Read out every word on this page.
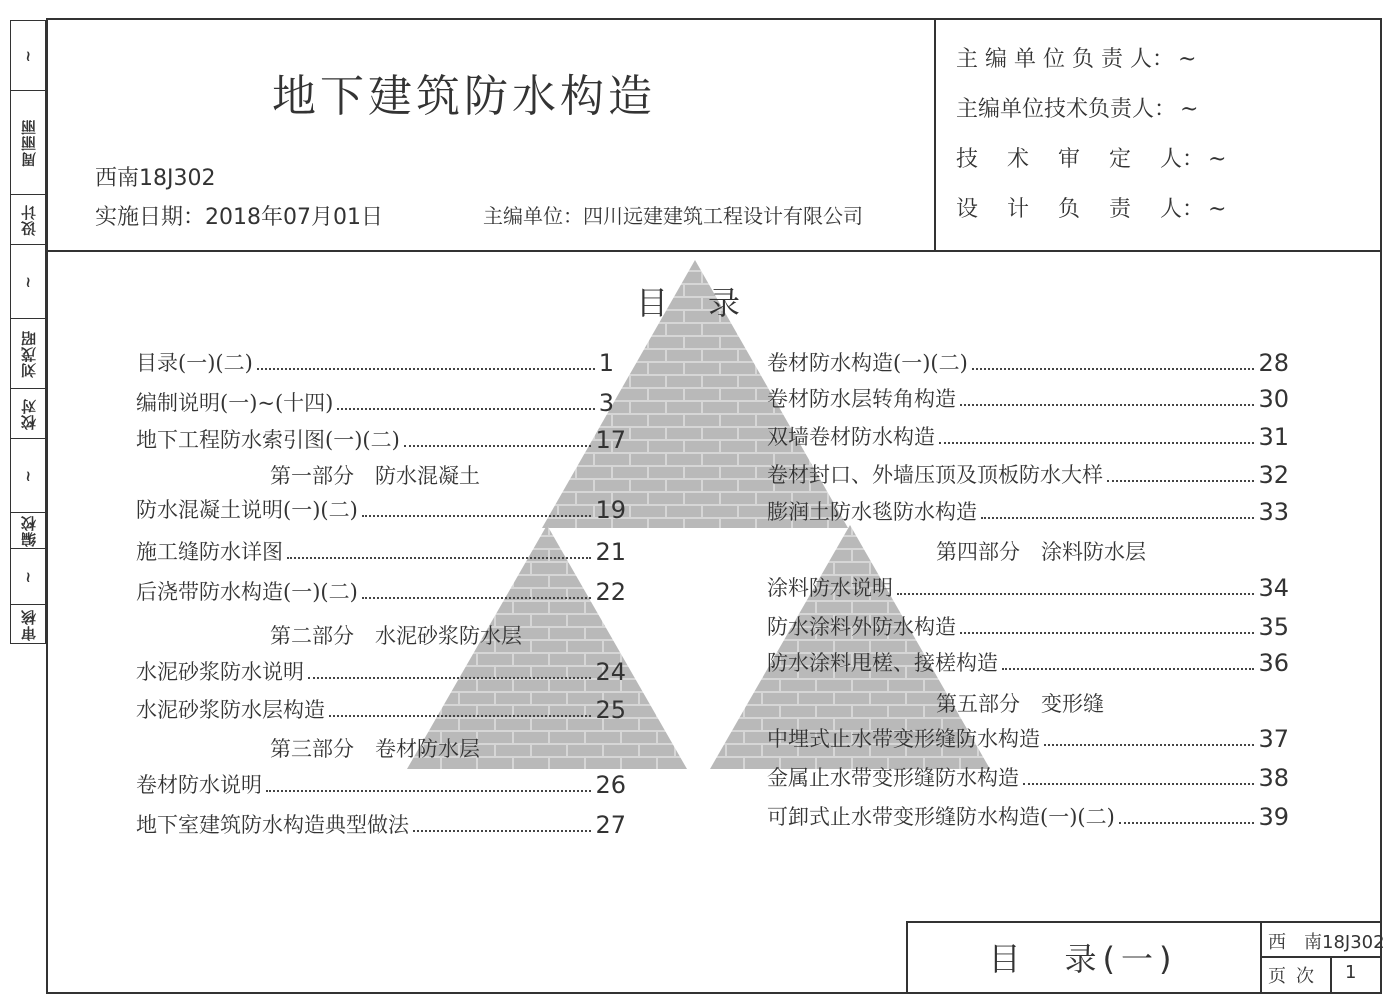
~
周丽丽
设计
~
刘茂昭
校对
~
编校
~
审核
地下建筑防水构造
西南18J302
实施日期：2018年07月01日	主编单位：四川远建建筑工程设计有限公司
主 编 单 位 负 责 人： ~
主编单位技术负责人： ~
技　 术　 审　 定　 人： ~
设　 计　 负　 责　 人： ~
目录
目录(一)(二)	1
编制说明(一)~(十四)	3
地下工程防水索引图(一)(二)	17
第一部分　防水混凝土
防水混凝土说明(一)(二)	19
施工缝防水详图	21
后浇带防水构造(一)(二)	22
第二部分　水泥砂浆防水层
水泥砂浆防水说明	24
水泥砂浆防水层构造	25
第三部分　卷材防水层
卷材防水说明	26
地下室建筑防水构造典型做法	27
卷材防水构造(一)(二)	28
卷材防水层转角构造	30
双墙卷材防水构造	31
卷材封口、外墙压顶及顶板防水大样	32
膨润土防水毯防水构造	33
第四部分　涂料防水层
涂料防水说明	34
防水涂料外防水构造	35
防水涂料甩槎、接槎构造	36
第五部分　变形缝
中埋式止水带变形缝防水构造	37
金属止水带变形缝防水构造	38
可卸式止水带变形缝防水构造(一)(二)	39
目　录(一)	西　南18J302
页次 1
